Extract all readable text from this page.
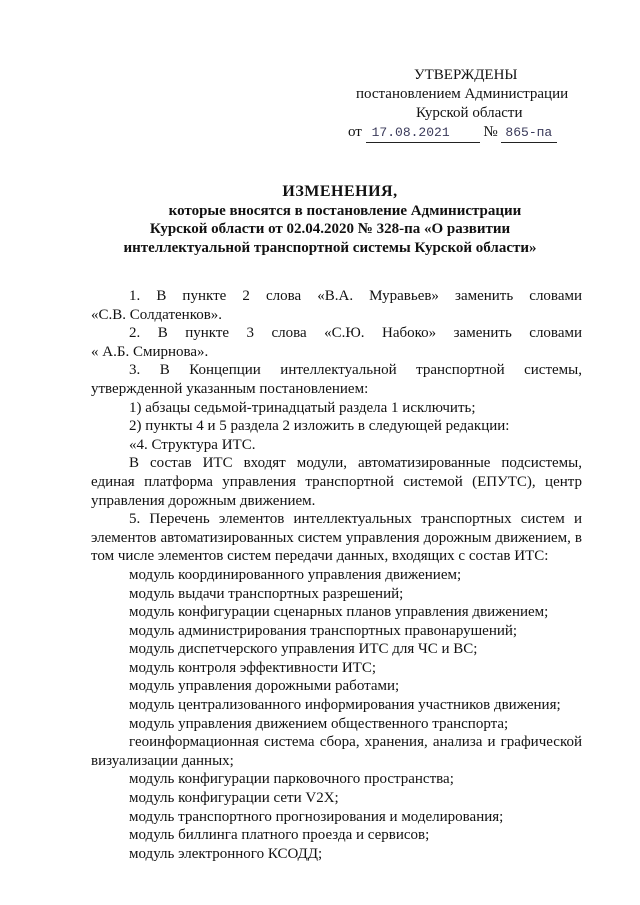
УТВЕРЖДЕНЫ
постановлением Администрации
Курской области
от 17.08.2021 № 865-па
ИЗМЕНЕНИЯ,
которые вносятся в постановление Администрации
Курской области от 02.04.2020 № 328-па «О развитии
интеллектуальной транспортной системы Курской области»

1. В пункте 2 слова «В.А. Муравьев» заменить словами

«С.В. Солдатенков».

2. В пункте 3 слова «С.Ю. Набоко» заменить словами

« А.Б. Смирнова».

3. В Концепции интеллектуальной транспортной системы,

утвержденной указанным постановлением:

1) абзацы седьмой-тринадцатый раздела 1 исключить;

2) пункты 4 и 5 раздела 2 изложить в следующей редакции:

«4. Структура ИТС.

В состав ИТС входят модули, автоматизированные подсистемы, единая платформа управления транспортной системой (ЕПУТС), центр управления дорожным движением.

5. Перечень элементов интеллектуальных транспортных систем и элементов автоматизированных систем управления дорожным движением, в том числе элементов систем передачи данных, входящих с состав ИТС:

модуль координированного управления движением;

модуль выдачи транспортных разрешений;

модуль конфигурации сценарных планов управления движением;

модуль администрирования транспортных правонарушений;

модуль диспетчерского управления ИТС для ЧС и ВС;

модуль контроля эффективности ИТС;

модуль управления дорожными работами;

модуль централизованного информирования участников движения;

модуль управления движением общественного транспорта;

геоинформационная система сбора, хранения, анализа и графической визуализации данных;

модуль конфигурации парковочного пространства;

модуль конфигурации сети V2X;

модуль транспортного прогнозирования и моделирования;

модуль биллинга платного проезда и сервисов;

модуль электронного КСОДД;
